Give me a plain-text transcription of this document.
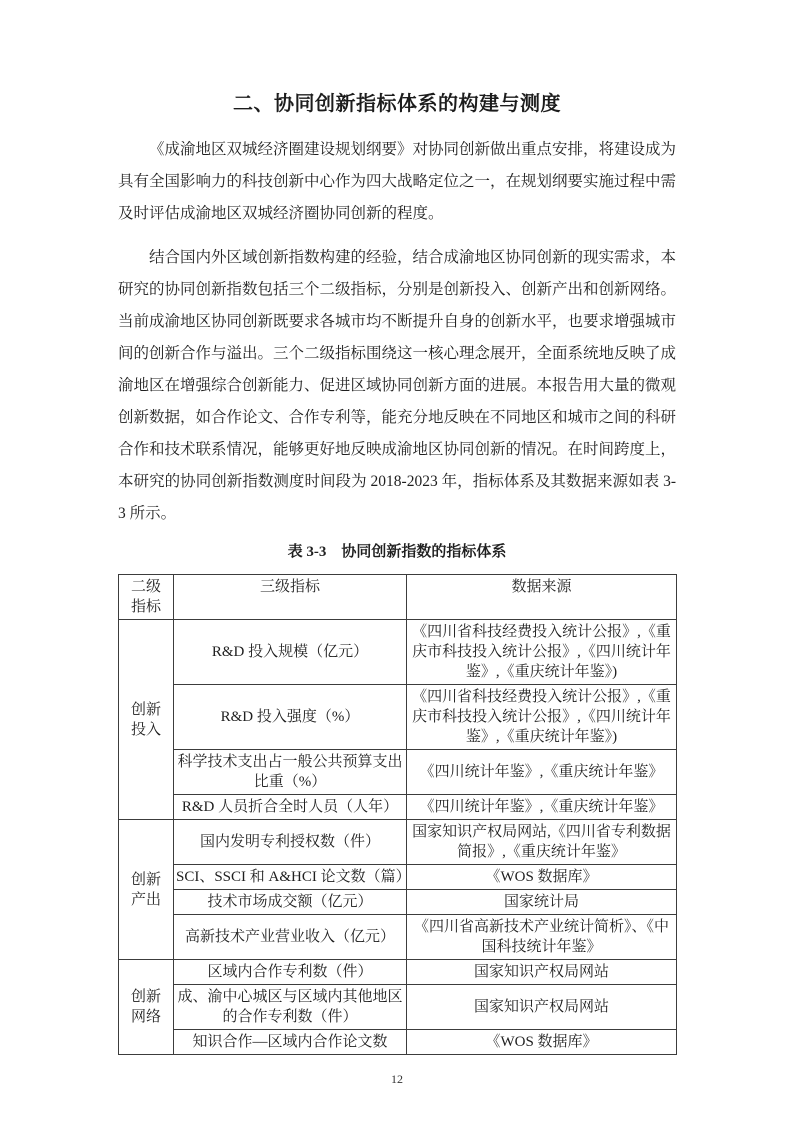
二、协同创新指标体系的构建与测度

《成渝地区双城经济圈建设规划纲要》对协同创新做出重点安排，将建设成为具有全国影响力的科技创新中心作为四大战略定位之一，在规划纲要实施过程中需及时评估成渝地区双城经济圈协同创新的程度。

结合国内外区域创新指数构建的经验，结合成渝地区协同创新的现实需求，本研究的协同创新指数包括三个二级指标，分别是创新投入、创新产出和创新网络。当前成渝地区协同创新既要求各城市均不断提升自身的创新水平，也要求增强城市间的创新合作与溢出。三个二级指标围绕这一核心理念展开，全面系统地反映了成渝地区在增强综合创新能力、促进区域协同创新方面的进展。本报告用大量的微观创新数据，如合作论文、合作专利等，能充分地反映在不同地区和城市之间的科研合作和技术联系情况，能够更好地反映成渝地区协同创新的情况。在时间跨度上，本研究的协同创新指数测度时间段为 2018-2023 年，指标体系及其数据来源如表 3-3 所示。

表 3-3　协同创新指数的指标体系
二级指标	三级指标	数据来源
创新投入	R&D 投入规模（亿元）	《四川省科技经费投入统计公报》,《重庆市科技投入统计公报》,《四川统计年鉴》,《重庆统计年鉴》)
	R&D 投入强度（%）	《四川省科技经费投入统计公报》,《重庆市科技投入统计公报》,《四川统计年鉴》,《重庆统计年鉴》)
	科学技术支出占一般公共预算支出比重（%）	《四川统计年鉴》,《重庆统计年鉴》
	R&D 人员折合全时人员（人年）	《四川统计年鉴》,《重庆统计年鉴》
创新产出	国内发明专利授权数（件）	国家知识产权局网站,《四川省专利数据简报》,《重庆统计年鉴》
	SCI、SSCI 和 A&HCI 论文数（篇）	《WOS 数据库》
	技术市场成交额（亿元）	国家统计局
	高新技术产业营业收入（亿元）	《四川省高新技术产业统计简析》、《中国科技统计年鉴》
创新网络	区域内合作专利数（件）	国家知识产权局网站
	成、渝中心城区与区域内其他地区的合作专利数（件）	国家知识产权局网站
	知识合作—区域内合作论文数	《WOS 数据库》
12
